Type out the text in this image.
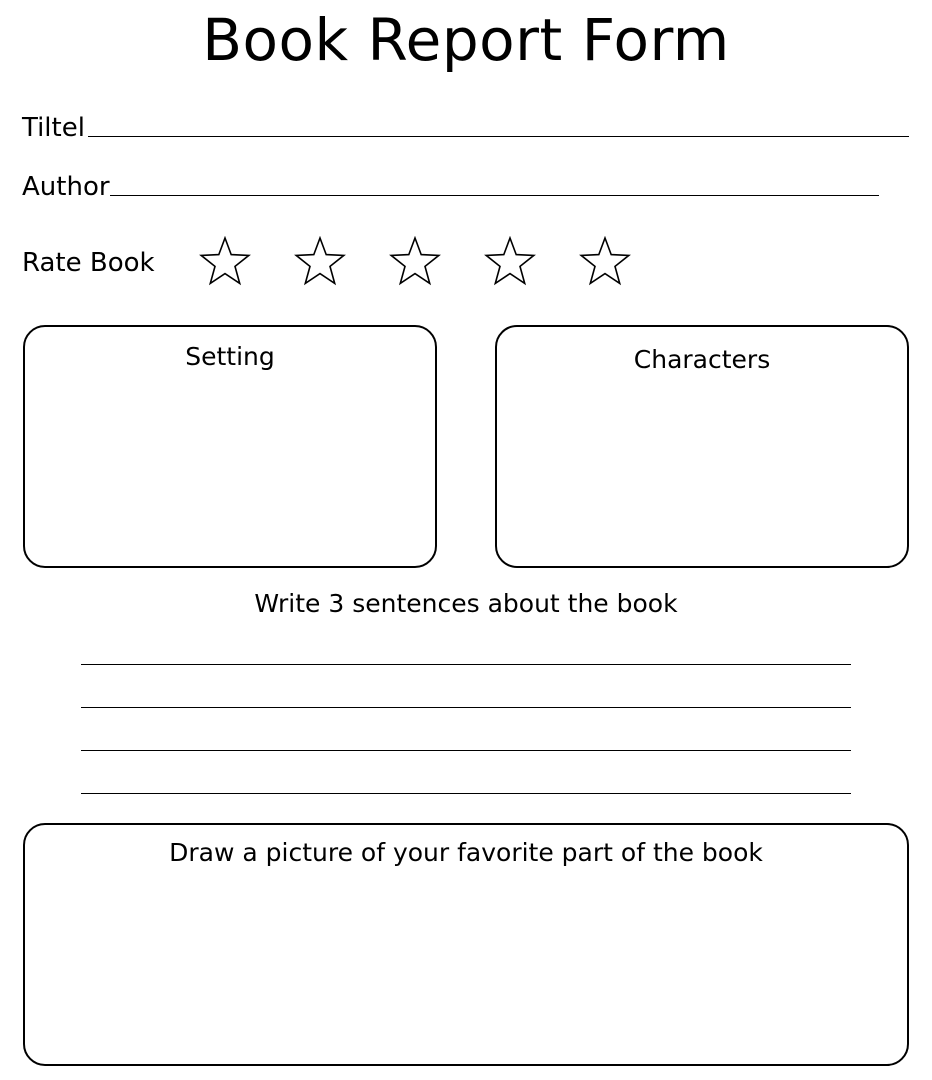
Book Report Form
Tiltel
Author
Rate Book
Setting	Characters
Write 3 sentences about the book
Draw a picture of your favorite part of the book
